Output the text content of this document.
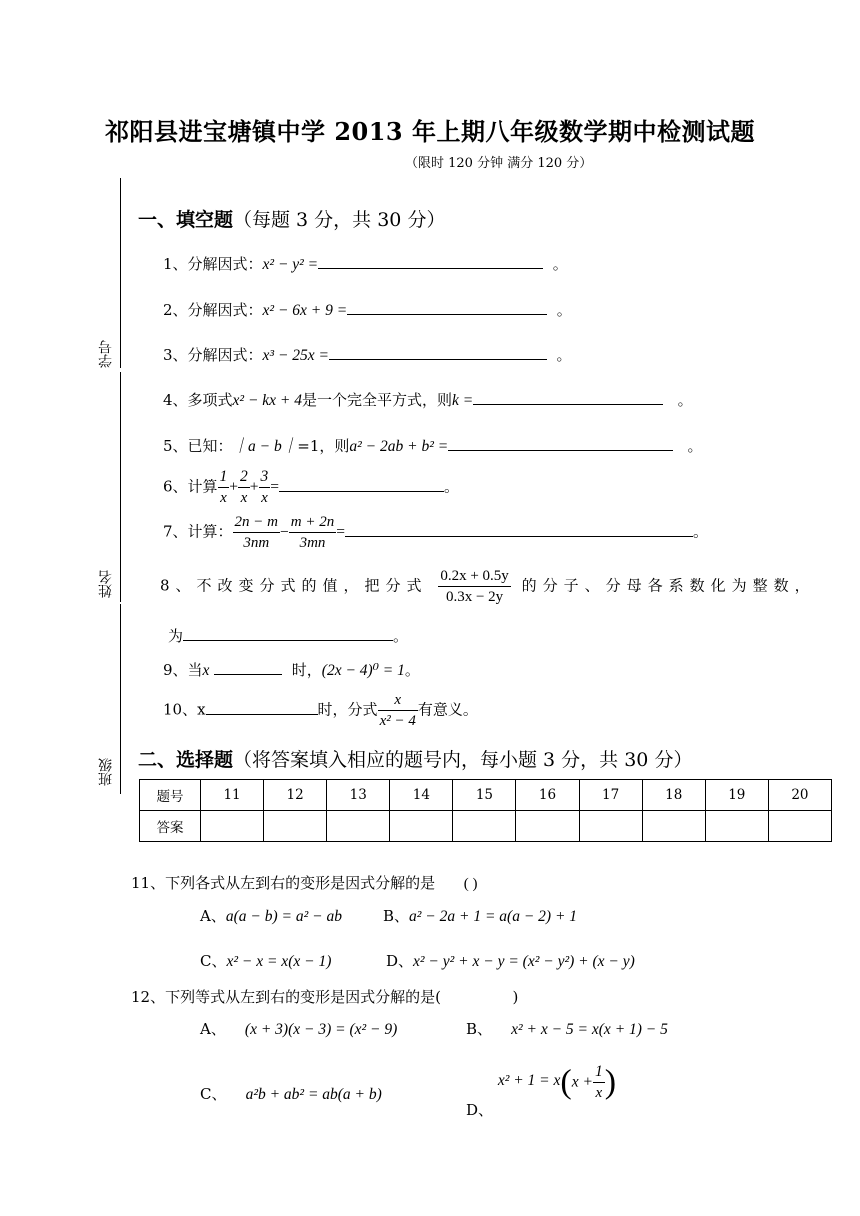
祁阳县进宝塘镇中学 2013 年上期八年级数学期中检测试题
（限时 120 分钟 满分 120 分）
学号
姓名
班级
一、填空题（每题 3 分，共 30 分）
1、分解因式：x² − y² =	。
2、分解因式：x² − 6x + 9 =	。
3、分解因式：x³ − 25x =	。
4、多项式x² − kx + 4是一个完全平方式，则k =	。
5、已知：｜a − b｜=1，则a² − 2ab + b² =	。
6、计算 $\frac{1}{x} + \frac{2}{x} + \frac{3}{x}$ =	。
7、计算： $\frac{2n - m}{3nm} - \frac{m + 2n}{3mn}$ =	。
8、不改变分式的值，把分式 $\frac{0.2x + 0.5y}{0.3x - 2y}$ 的分子、分母各系数化为整数，
为	。
9、当x	时，(2x − 4)⁰ = 1。
10、x	时，分式 $\frac{x}{\text{x² − 4}}$ 有意义。
二、选择题（将答案填入相应的题号内，每小题 3 分，共 30 分）
题号	11	12	13	14	15	16	17	18	19	20
答案										
11、下列各式从左到右的变形是因式分解的是 ( )
A、a(a − b) = a² − ab	B、a² − 2a + 1 = a(a − 2) + 1
C、x² − x = x(x − 1)	D、x² − y² + x − y = (x² − y²) + (x − y)
12、下列等式从左到右的变形是因式分解的是(	)
A、 (x + 3)(x − 3) = (x² − 9)	B、 x² + x − 5 = x(x + 1) − 5
C、 a²b + ab² = ab(a + b)
D、 $x^2 + 1 = x(x + \frac{1}{x}$ )
